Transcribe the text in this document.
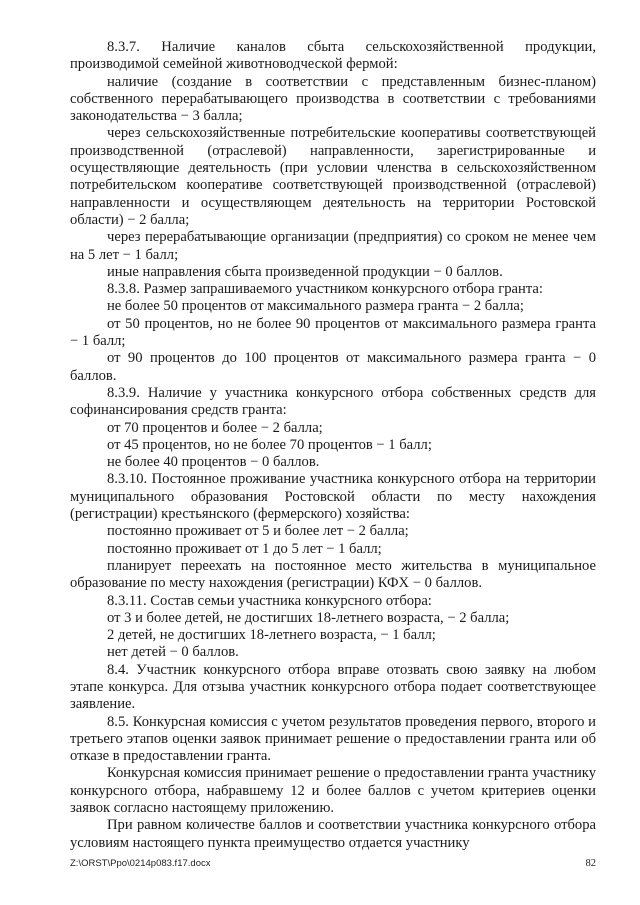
8.3.7. Наличие каналов сбыта сельскохозяйственной продукции, производимой семейной животноводческой фермой:

наличие (создание в соответствии с представленным бизнес-планом) собственного перерабатывающего производства в соответствии с требованиями законодательства − 3 балла;

через сельскохозяйственные потребительские кооперативы соответствующей производственной (отраслевой) направленности, зарегистрированные и осуществляющие деятельность (при условии членства в сельскохозяйственном потребительском кооперативе соответствующей производственной (отраслевой) направленности и осуществляющем деятельность на территории Ростовской области) − 2 балла;

через перерабатывающие организации (предприятия) со сроком не менее чем на 5 лет − 1 балл;

иные направления сбыта произведенной продукции − 0 баллов.

8.3.8. Размер запрашиваемого участником конкурсного отбора гранта:

не более 50 процентов от максимального размера гранта − 2 балла;

от 50 процентов, но не более 90 процентов от максимального размера гранта − 1 балл;

от 90 процентов до 100 процентов от максимального размера гранта − 0 баллов.

8.3.9. Наличие у участника конкурсного отбора собственных средств для софинансирования средств гранта:

от 70 процентов и более − 2 балла;

от 45 процентов, но не более 70 процентов − 1 балл;

не более 40 процентов − 0 баллов.

8.3.10. Постоянное проживание участника конкурсного отбора на территории муниципального образования Ростовской области по месту нахождения (регистрации) крестьянского (фермерского) хозяйства:

постоянно проживает от 5 и более лет − 2 балла;

постоянно проживает от 1 до 5 лет − 1 балл;

планирует переехать на постоянное место жительства в муниципальное образование по месту нахождения (регистрации) КФХ − 0 баллов.

8.3.11. Состав семьи участника конкурсного отбора:

от 3 и более детей, не достигших 18-летнего возраста, − 2 балла;

2 детей, не достигших 18-летнего возраста, − 1 балл;

нет детей − 0 баллов.

8.4. Участник конкурсного отбора вправе отозвать свою заявку на любом этапе конкурса. Для отзыва участник конкурсного отбора подает соответствующее заявление.

8.5. Конкурсная комиссия с учетом результатов проведения первого, второго и третьего этапов оценки заявок принимает решение о предоставлении гранта или об отказе в предоставлении гранта.

Конкурсная комиссия принимает решение о предоставлении гранта участнику конкурсного отбора, набравшему 12 и более баллов с учетом критериев оценки заявок согласно настоящему приложению.

При равном количестве баллов и соответствии участника конкурсного отбора условиям настоящего пункта преимущество отдается участнику

Z:\ORST\Ppo\0214p083.f17.docx	82
